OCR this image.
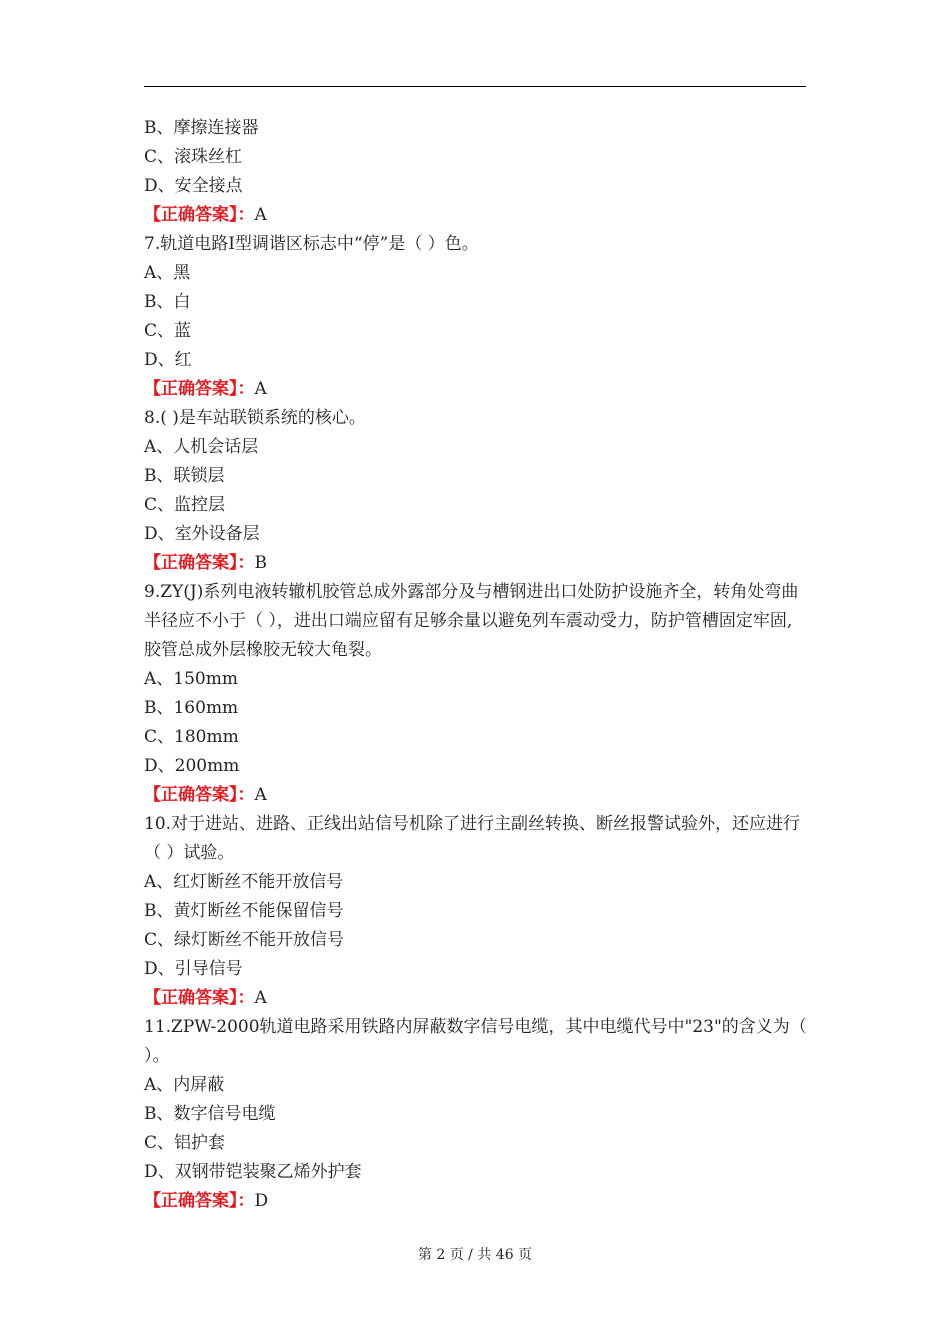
B、摩擦连接器
C、滚珠丝杠
D、安全接点
【正确答案】：A
7.轨道电路I型调谐区标志中“停”是（ ）色。
A、黑
B、白
C、蓝
D、红
【正确答案】：A
8.( )是车站联锁系统的核心。
A、人机会话层
B、联锁层
C、监控层
D、室外设备层
【正确答案】：B
9.ZY(J)系列电液转辙机胶管总成外露部分及与槽钢进出口处防护设施齐全，转角处弯曲半径应不小于（ ），进出口端应留有足够余量以避免列车震动受力，防护管槽固定牢固,胶管总成外层橡胶无较大龟裂。
A、150mm
B、160mm
C、180mm
D、200mm
【正确答案】：A
10.对于进站、进路、正线出站信号机除了进行主副丝转换、断丝报警试验外，还应进行（ ）试验。
A、红灯断丝不能开放信号
B、黄灯断丝不能保留信号
C、绿灯断丝不能开放信号
D、引导信号
【正确答案】：A
11.ZPW-2000轨道电路采用铁路内屏蔽数字信号电缆，其中电缆代号中"23"的含义为（ ）。
A、内屏蔽
B、数字信号电缆
C、铝护套
D、双钢带铠装聚乙烯外护套
【正确答案】：D
第 2 页 / 共 46 页
